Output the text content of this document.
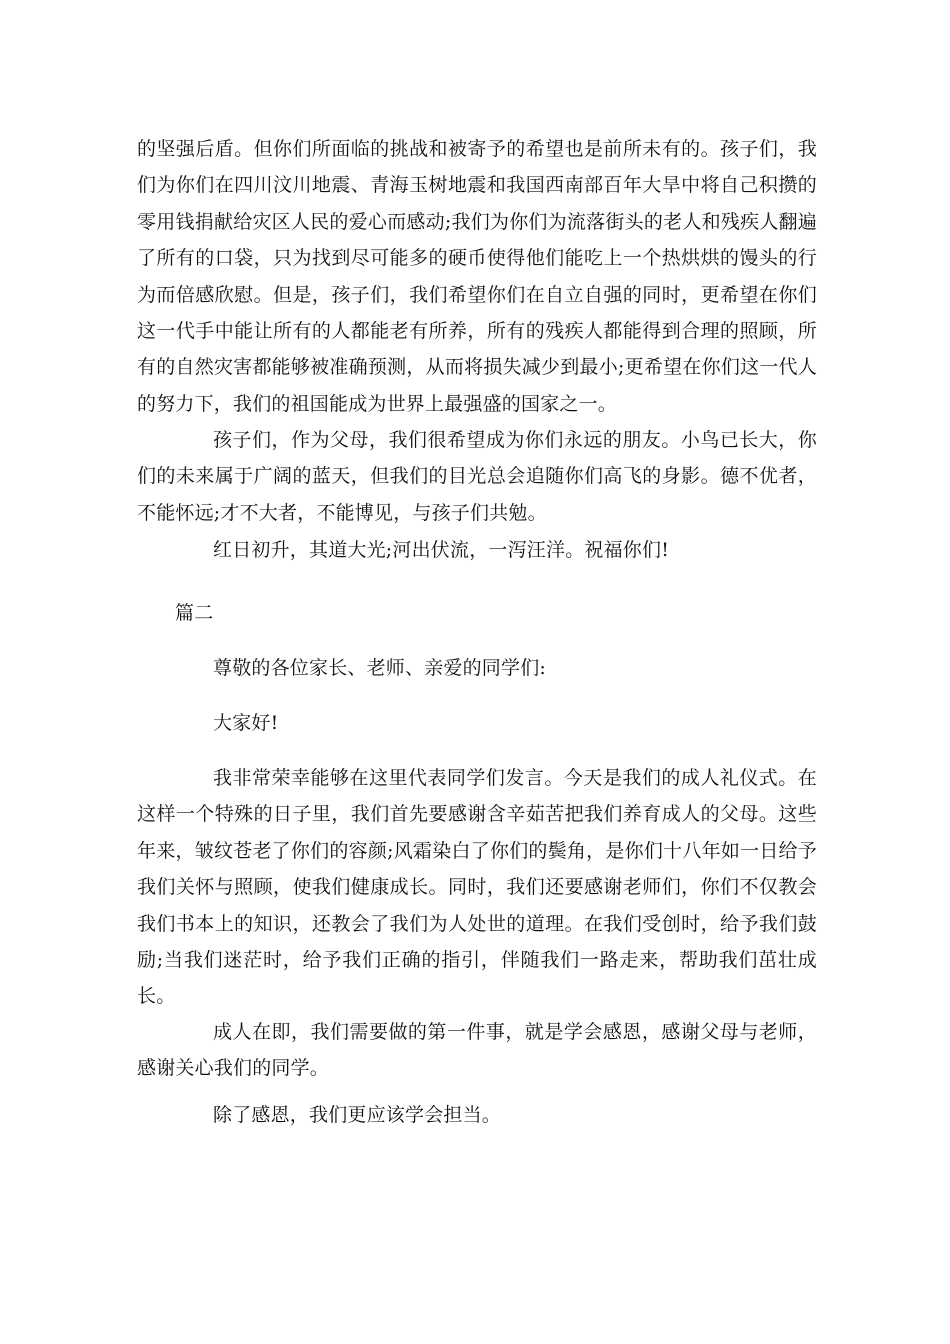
的坚强后盾。但你们所面临的挑战和被寄予的希望也是前所未有的。孩子们，我们为你们在四川汶川地震、青海玉树地震和我国西南部百年大旱中将自己积攒的零用钱捐献给灾区人民的爱心而感动;我们为你们为流落街头的老人和残疾人翻遍了所有的口袋，只为找到尽可能多的硬币使得他们能吃上一个热烘烘的馒头的行为而倍感欣慰。但是，孩子们，我们希望你们在自立自强的同时，更希望在你们这一代手中能让所有的人都能老有所养，所有的残疾人都能得到合理的照顾，所有的自然灾害都能够被准确预测，从而将损失减少到最小;更希望在你们这一代人的努力下，我们的祖国能成为世界上最强盛的国家之一。

孩子们，作为父母，我们很希望成为你们永远的朋友。小鸟已长大，你们的未来属于广阔的蓝天，但我们的目光总会追随你们高飞的身影。德不优者，不能怀远;才不大者，不能博见，与孩子们共勉。

红日初升，其道大光;河出伏流，一泻汪洋。祝福你们!

篇二

尊敬的各位家长、老师、亲爱的同学们:

大家好!

我非常荣幸能够在这里代表同学们发言。今天是我们的成人礼仪式。在这样一个特殊的日子里，我们首先要感谢含辛茹苦把我们养育成人的父母。这些年来，皱纹苍老了你们的容颜;风霜染白了你们的鬓角，是你们十八年如一日给予我们关怀与照顾，使我们健康成长。同时，我们还要感谢老师们，你们不仅教会我们书本上的知识，还教会了我们为人处世的道理。在我们受创时，给予我们鼓励;当我们迷茫时，给予我们正确的指引，伴随我们一路走来，帮助我们茁壮成长。

成人在即，我们需要做的第一件事，就是学会感恩，感谢父母与老师，感谢关心我们的同学。

除了感恩，我们更应该学会担当。
